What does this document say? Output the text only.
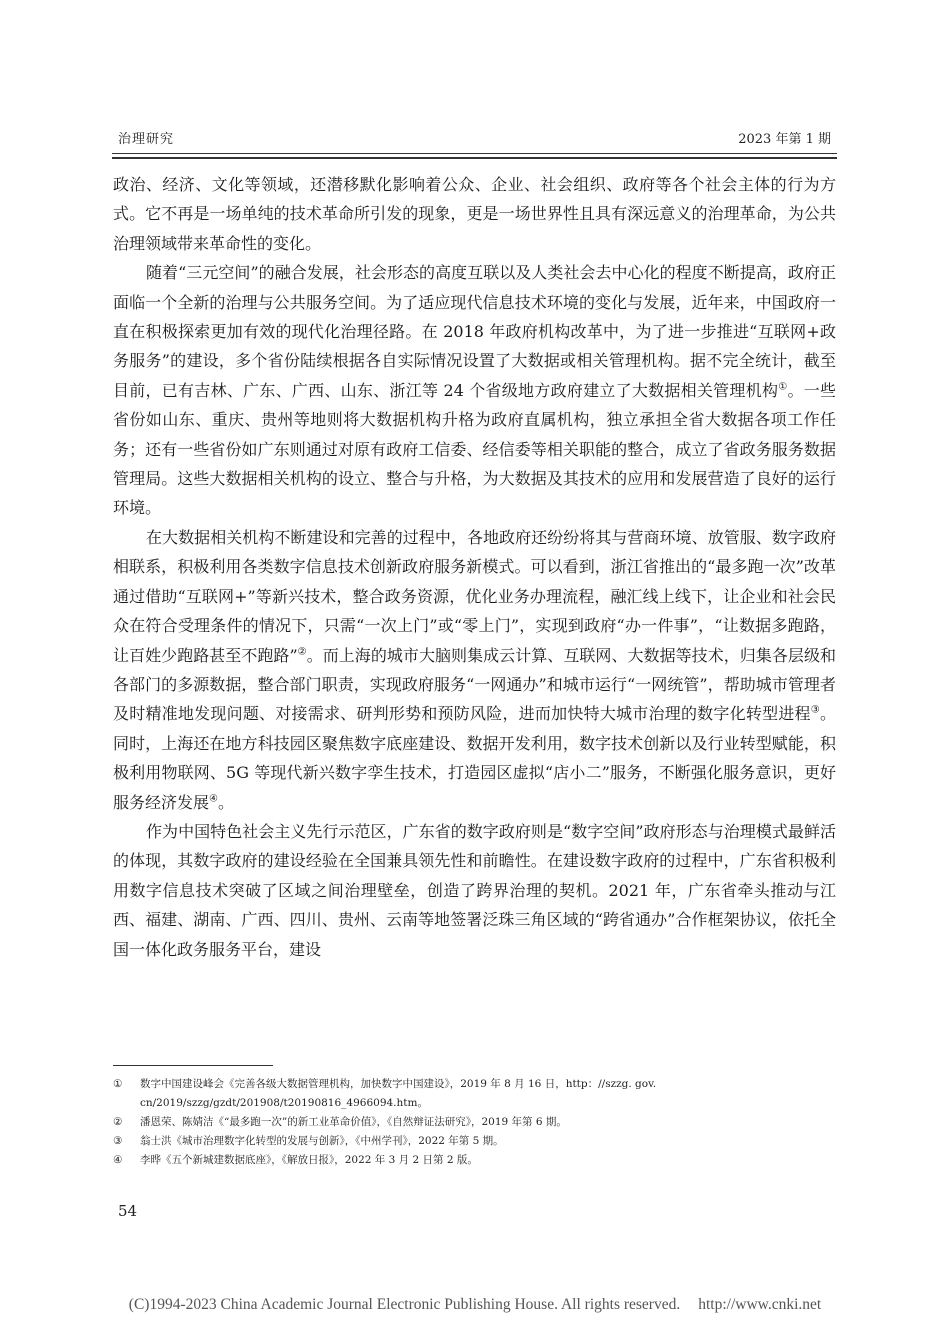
治理研究	2023 年第 1 期

政治、经济、文化等领域，还潜移默化影响着公众、企业、社会组织、政府等各个社会主体的行为方式。它不再是一场单纯的技术革命所引发的现象，更是一场世界性且具有深远意义的治理革命，为公共治理领域带来革命性的变化。

随着“三元空间”的融合发展，社会形态的高度互联以及人类社会去中心化的程度不断提高，政府正面临一个全新的治理与公共服务空间。为了适应现代信息技术环境的变化与发展，近年来，中国政府一直在积极探索更加有效的现代化治理径路。在 2018 年政府机构改革中，为了进一步推进“互联网+政务服务”的建设，多个省份陆续根据各自实际情况设置了大数据或相关管理机构。据不完全统计，截至目前，已有吉林、广东、广西、山东、浙江等 24 个省级地方政府建立了大数据相关管理机构①。一些省份如山东、重庆、贵州等地则将大数据机构升格为政府直属机构，独立承担全省大数据各项工作任务；还有一些省份如广东则通过对原有政府工信委、经信委等相关职能的整合，成立了省政务服务数据管理局。这些大数据相关机构的设立、整合与升格，为大数据及其技术的应用和发展营造了良好的运行环境。

在大数据相关机构不断建设和完善的过程中，各地政府还纷纷将其与营商环境、放管服、数字政府相联系，积极利用各类数字信息技术创新政府服务新模式。可以看到，浙江省推出的“最多跑一次”改革通过借助“互联网+”等新兴技术，整合政务资源，优化业务办理流程，融汇线上线下，让企业和社会民众在符合受理条件的情况下，只需“一次上门”或“零上门”，实现到政府“办一件事”，“让数据多跑路，让百姓少跑路甚至不跑路”②。而上海的城市大脑则集成云计算、互联网、大数据等技术，归集各层级和各部门的多源数据，整合部门职责，实现政府服务“一网通办”和城市运行“一网统管”，帮助城市管理者及时精准地发现问题、对接需求、研判形势和预防风险，进而加快特大城市治理的数字化转型进程③。同时，上海还在地方科技园区聚焦数字底座建设、数据开发利用，数字技术创新以及行业转型赋能，积极利用物联网、5G 等现代新兴数字孪生技术，打造园区虚拟“店小二”服务，不断强化服务意识，更好服务经济发展④。

作为中国特色社会主义先行示范区，广东省的数字政府则是“数字空间”政府形态与治理模式最鲜活的体现，其数字政府的建设经验在全国兼具领先性和前瞻性。在建设数字政府的过程中，广东省积极利用数字信息技术突破了区域之间治理壁垒，创造了跨界治理的契机。2021 年，广东省牵头推动与江西、福建、湖南、广西、四川、贵州、云南等地签署泛珠三角区域的“跨省通办”合作框架协议，依托全国一体化政务服务平台，建设

① 数字中国建设峰会《完善各级大数据管理机构，加快数字中国建设》，2019 年 8 月 16 日，http：//szzg. gov. cn/2019/szzg/gzdt/201908/t20190816_4966094.htm。
② 潘恩荣、陈婧洁《“最多跑一次”的新工业革命价值》，《自然辩证法研究》，2019 年第 6 期。
③ 翁士洪《城市治理数字化转型的发展与创新》，《中州学刊》，2022 年第 5 期。
④ 李晔《五个新城建数据底座》，《解放日报》，2022 年 3 月 2 日第 2 版。
54
(C)1994-2023 China Academic Journal Electronic Publishing House. All rights reserved. http://www.cnki.net
